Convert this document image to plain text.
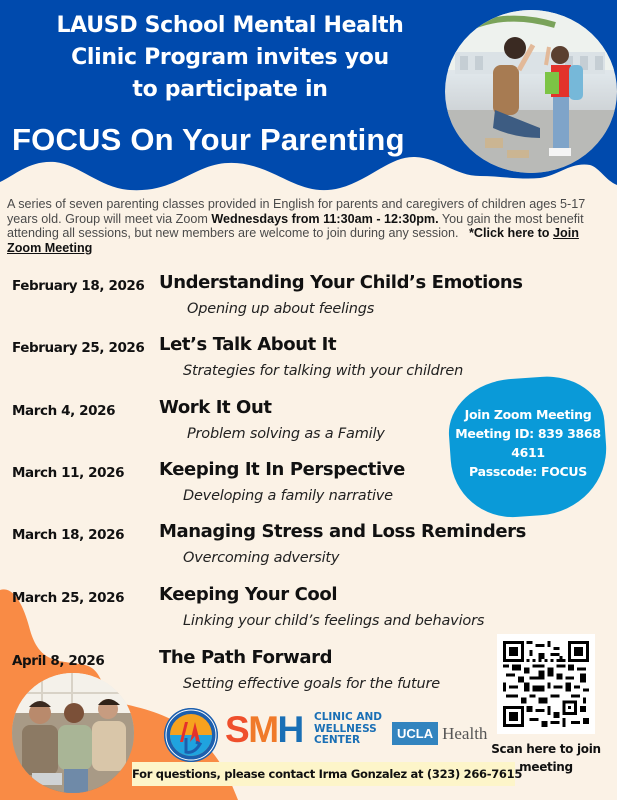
LAUSD School Mental Health
Clinic Program invites you
to participate in
FOCUS On Your Parenting
A series of seven parenting classes provided in English for parents and caregivers of children ages 5-17 years old. Group will meet via Zoom Wednesdays from 11:30am - 12:30pm. You gain the most benefit attending all sessions, but new members are welcome to join during any session.   *Click here to Join Zoom Meeting
Join Zoom Meeting
Meeting ID: 839 3868
4611
Passcode: FOCUS
February 18, 2026 Understanding Your Child’s Emotions
Opening up about feelings
February 25, 2026 Let’s Talk About It
Strategies for talking with your children
March 4, 2026 Work It Out
Problem solving as a Family
March 11, 2026 Keeping It In Perspective
Developing a family narrative
March 18, 2026 Managing Stress and Loss Reminders
Overcoming adversity
March 25, 2026 Keeping Your Cool
Linking your child’s feelings and behaviors
April 8, 2026	The Path Forward
Setting effective goals for the future
SMH CLINIC AND
WELLNESS
CENTER	UCLA Health
For questions, please contact Irma Gonzalez at (323) 266-7615
Scan here to join
meeting
